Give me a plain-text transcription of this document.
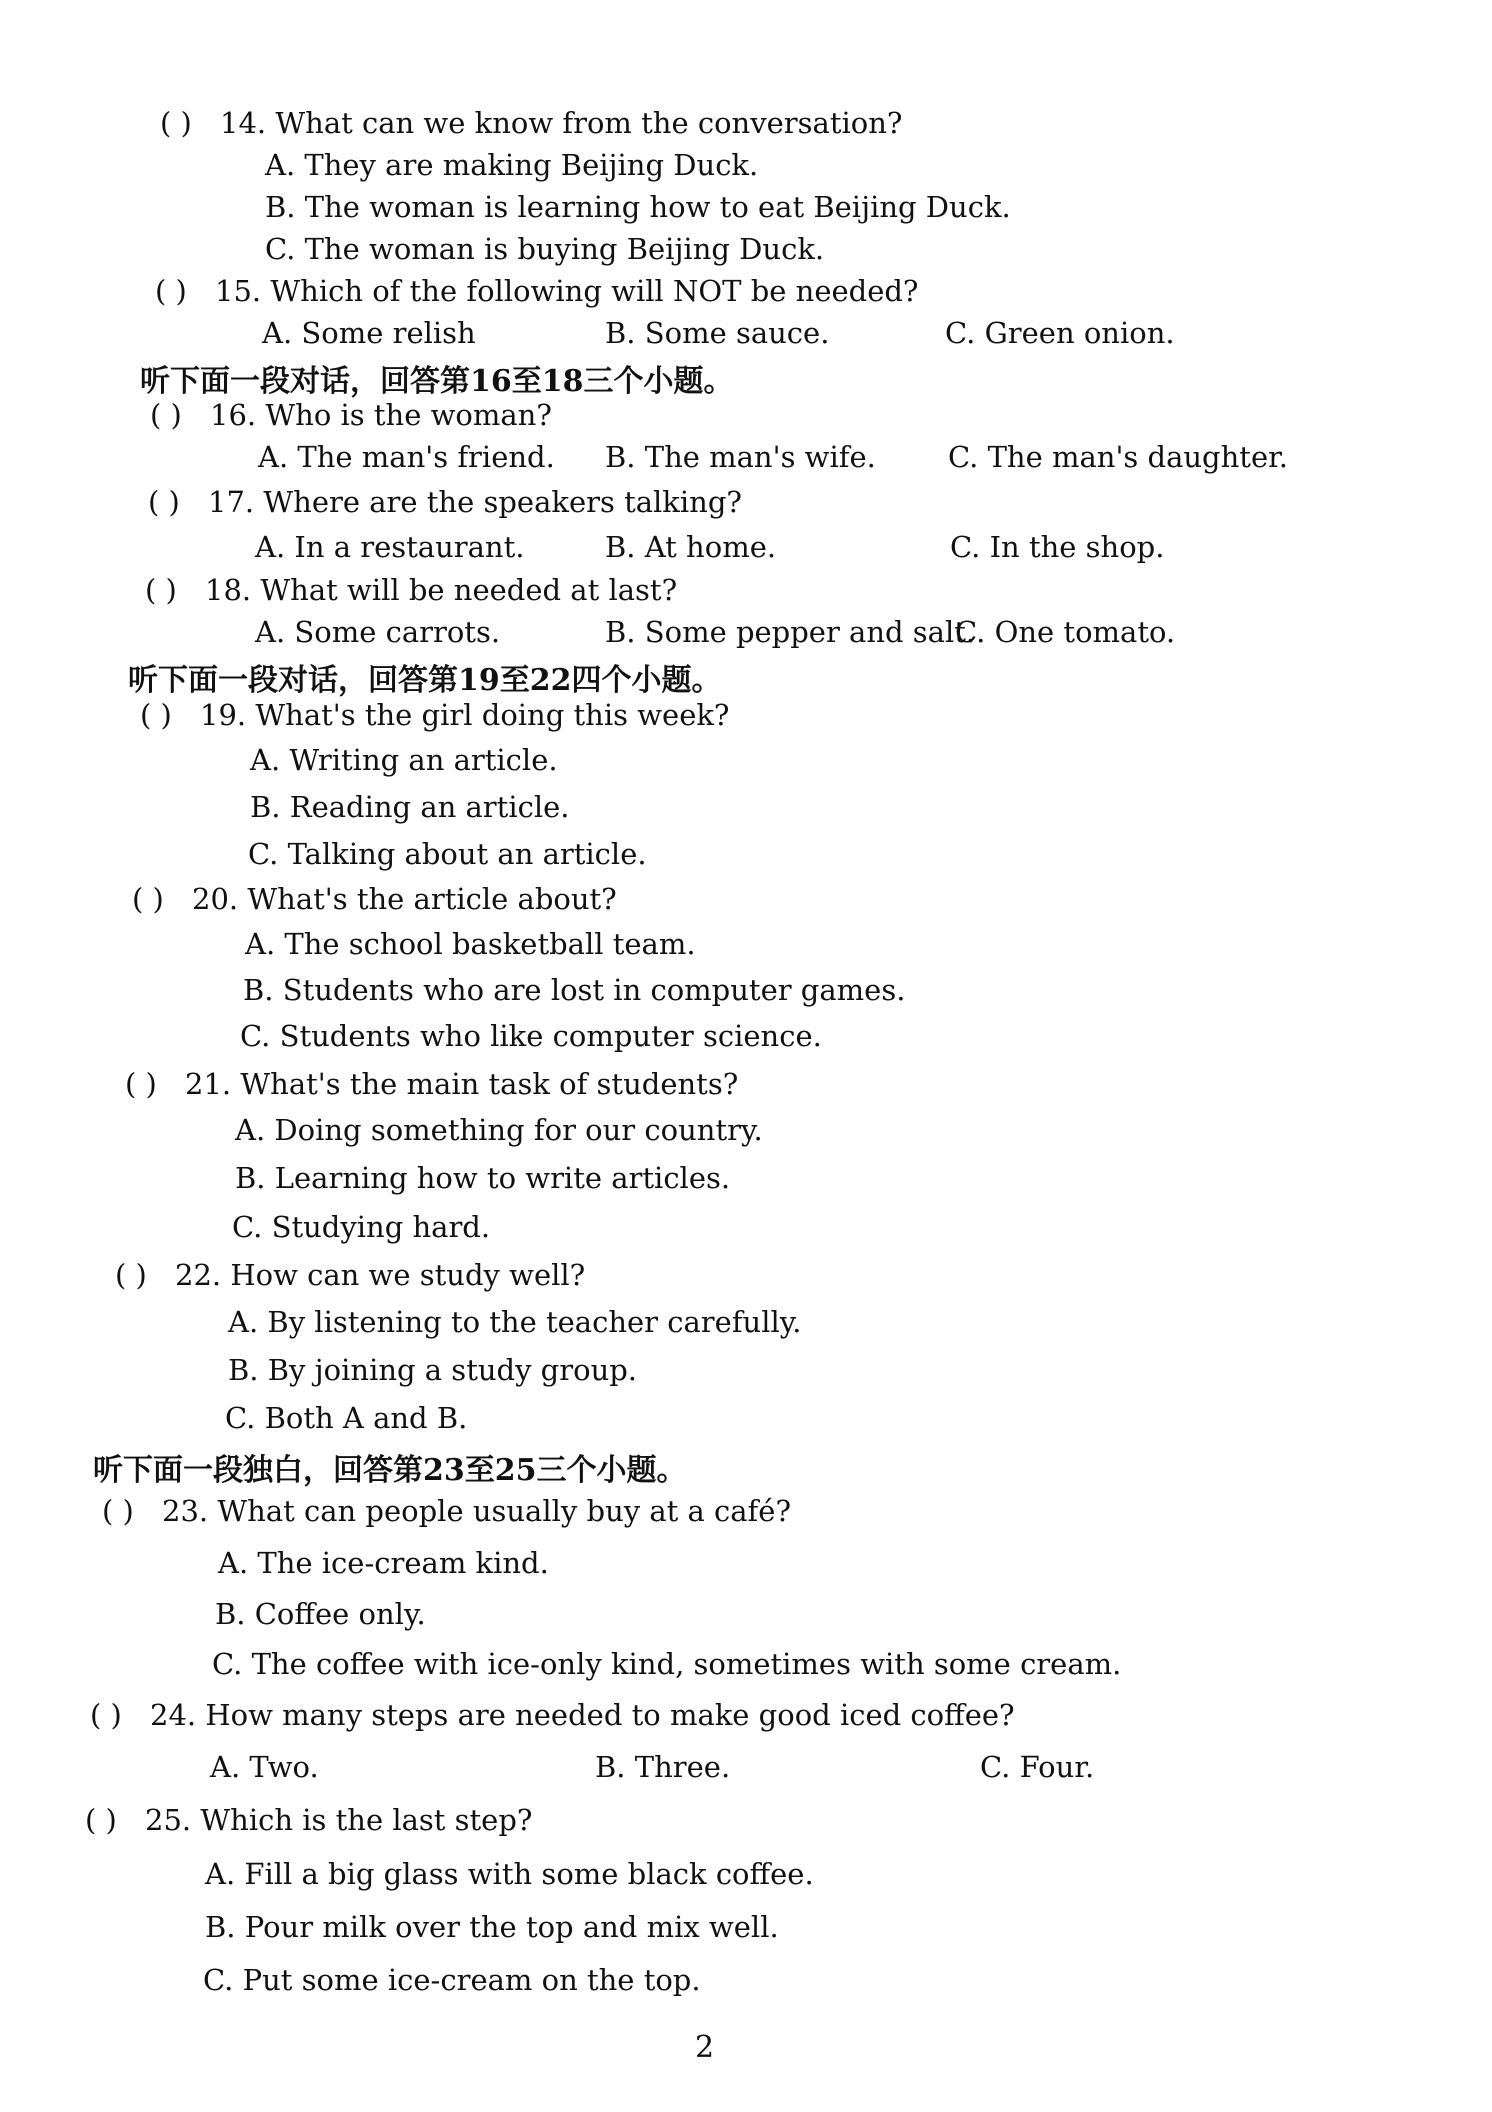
( ) 14. What can we know from the conversation?
A. They are making Beijing Duck.
B. The woman is learning how to eat Beijing Duck.
C. The woman is buying Beijing Duck.
( ) 15. Which of the following will NOT be needed?
A. Some relish	B. Some sauce.	C. Green onion.
听下面一段对话，回答第16至18三个小题。
( ) 16. Who is the woman?
A. The man's friend. B. The man's wife. C. The man's daughter.
( ) 17. Where are the speakers talking?
A. In a restaurant.	B. At home.	C. In the shop.
( ) 18. What will be needed at last?
A. Some carrots.	B. Some pepper and salt.
C. One tomato.
听下面一段对话，回答第19至22四个小题。
( ) 19. What's the girl doing this week?
A. Writing an article.
B. Reading an article.
C. Talking about an article.
( ) 20. What's the article about?
A. The school basketball team.
B. Students who are lost in computer games.
C. Students who like computer science.
( ) 21. What's the main task of students?
A. Doing something for our country.
B. Learning how to write articles.
C. Studying hard.
( ) 22. How can we study well?
A. By listening to the teacher carefully.
B. By joining a study group.
C. Both A and B.
听下面一段独白，回答第23至25三个小题。
( ) 23. What can people usually buy at a café?
A. The ice-cream kind.
B. Coffee only.
C. The coffee with ice-only kind, sometimes with some cream.
( ) 24. How many steps are needed to make good iced coffee?
A. Two.	B. Three.	C. Four.
( ) 25. Which is the last step?
A. Fill a big glass with some black coffee.
B. Pour milk over the top and mix well.
C. Put some ice-cream on the top.
2
